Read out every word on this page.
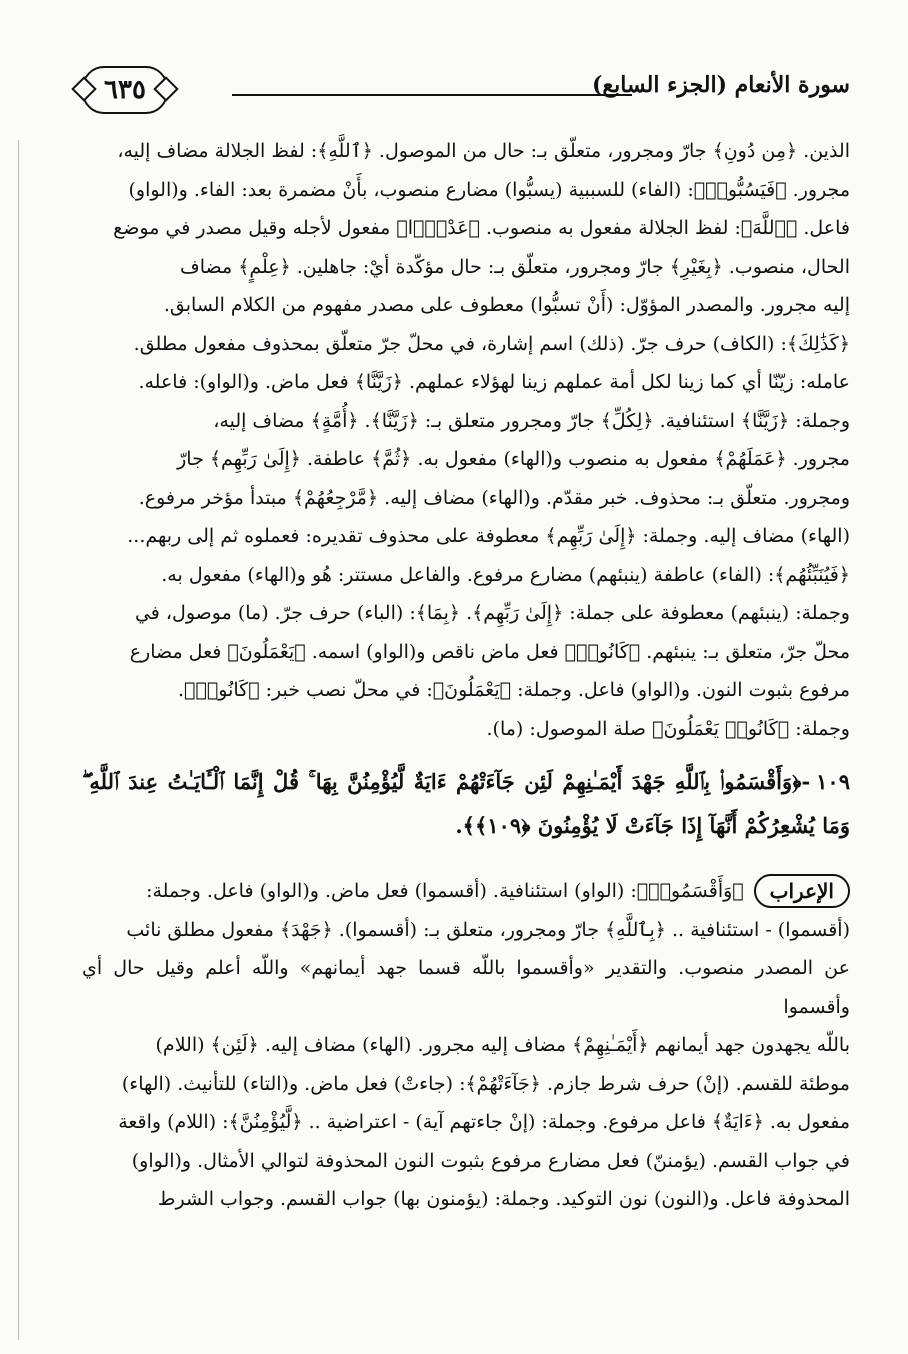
٦٣٥	سورة الأنعام (الجزء السابع)

الذين. ﴿مِن دُونِ﴾ جارّ ومجرور، متعلّق بـ: حال من الموصول. ﴿ٱللَّهِ﴾: لفظ الجلالة مضاف إليه،

مجرور. ﴿فَيَسُبُّوا۟﴾: (الفاء) للسببية (يسبُّوا) مضارع منصوب، بأَنْ مضمرة بعد: الفاء. و(الواو)

فاعل. ﴿ٱللَّهَ﴾: لفظ الجلالة مفعول به منصوب. ﴿عَدْوًۢا﴾ مفعول لأجله وقيل مصدر في موضع

الحال، منصوب. ﴿بِغَيْرِ﴾ جارّ ومجرور، متعلّق بـ: حال مؤكّدة أيْ: جاهلين. ﴿عِلْمٍ﴾ مضاف

إليه مجرور. والمصدر المؤوّل: (أَنْ تسبُّوا) معطوف على مصدر مفهوم من الكلام السابق.

﴿كَذَٰلِكَ﴾: (الكاف) حرف جرّ. (ذلك) اسم إشارة، في محلّ جرّ متعلّق بمحذوف مفعول مطلق.

عامله: زيّنّا أي كما زينا لكل أمة عملهم زينا لهؤلاء عملهم. ﴿زَيَّنَّا﴾ فعل ماض. و(الواو): فاعله.

وجملة: ﴿زَيَّنَّا﴾ استئنافية. ﴿لِكُلِّ﴾ جارّ ومجرور متعلق بـ: ﴿زَيَّنَّا﴾. ﴿أُمَّةٍ﴾ مضاف إليه،

مجرور. ﴿عَمَلَهُمْ﴾ مفعول به منصوب و(الهاء) مفعول به. ﴿ثُمَّ﴾ عاطفة. ﴿إِلَىٰ رَبِّهِم﴾ جارّ

ومجرور. متعلّق بـ: محذوف. خبر مقدّم. و(الهاء) مضاف إليه. ﴿مَّرْجِعُهُمْ﴾ مبتدأ مؤخر مرفوع.

(الهاء) مضاف إليه. وجملة: ﴿إِلَىٰ رَبِّهِم﴾ معطوفة على محذوف تقديره: فعملوه ثم إلى ربهم...

﴿فَيُنَبِّئُهُم﴾: (الفاء) عاطفة (ينبئهم) مضارع مرفوع. والفاعل مستتر: هُو و(الهاء) مفعول به.

وجملة: (ينبئهم) معطوفة على جملة: ﴿إِلَىٰ رَبِّهِم﴾. ﴿بِمَا﴾: (الباء) حرف جرّ. (ما) موصول، في

محلّ جرّ، متعلق بـ: ينبئهم. ﴿كَانُوا۟﴾ فعل ماض ناقص و(الواو) اسمه. ﴿يَعْمَلُونَ﴾ فعل مضارع

مرفوع بثبوت النون. و(الواو) فاعل. وجملة: ﴿يَعْمَلُونَ﴾: في محلّ نصب خبر: ﴿كَانُوا۟﴾.

وجملة: ﴿كَانُوا۟ يَعْمَلُونَ﴾ صلة الموصول: (ما).

١٠٩-﴿وَأَقْسَمُوا۟ بِٱللَّهِ جَهْدَ أَيْمَـٰنِهِمْ لَئِن جَآءَتْهُمْ ءَايَةٌ لَّيُؤْمِنُنَّ بِهَا ۚ قُلْ إِنَّمَا ٱلْـَٔايَـٰتُ عِندَ ٱللَّهِ ۖ وَمَا يُشْعِرُكُمْ أَنَّهَآ إِذَا جَآءَتْ لَا يُؤْمِنُونَ ﴿١٠٩﴾﴾.
الإعراب

﴿وَأَقْسَمُوا۟﴾: (الواو) استئنافية. (أقسموا) فعل ماض. و(الواو) فاعل. وجملة:

(أقسموا) - استئنافية .. ﴿بِٱللَّهِ﴾ جارّ ومجرور، متعلق بـ: (أقسموا). ﴿جَهْدَ﴾ مفعول مطلق نائب

عن المصدر منصوب. والتقدير «وأقسموا باللّه قسما جهد أيمانهم» واللّه أعلم وقيل حال أي وأقسموا

باللّه يجهدون جهد أيمانهم ﴿أَيْمَـٰنِهِمْ﴾ مضاف إليه مجرور. (الهاء) مضاف إليه. ﴿لَئِن﴾ (اللام)

موطئة للقسم. (إنْ) حرف شرط جازم. ﴿جَآءَتْهُمْ﴾: (جاءتْ) فعل ماض. و(التاء) للتأنيث. (الهاء)

مفعول به. ﴿ءَايَةٌ﴾ فاعل مرفوع. وجملة: (إنْ جاءتهم آية) - اعتراضية .. ﴿لَّيُؤْمِنُنَّ﴾: (اللام) واقعة

في جواب القسم. (يؤمننّ) فعل مضارع مرفوع بثبوت النون المحذوفة لتوالي الأمثال. و(الواو)

المحذوفة فاعل. و(النون) نون التوكيد. وجملة: (يؤمنون بها) جواب القسم. وجواب الشرط
